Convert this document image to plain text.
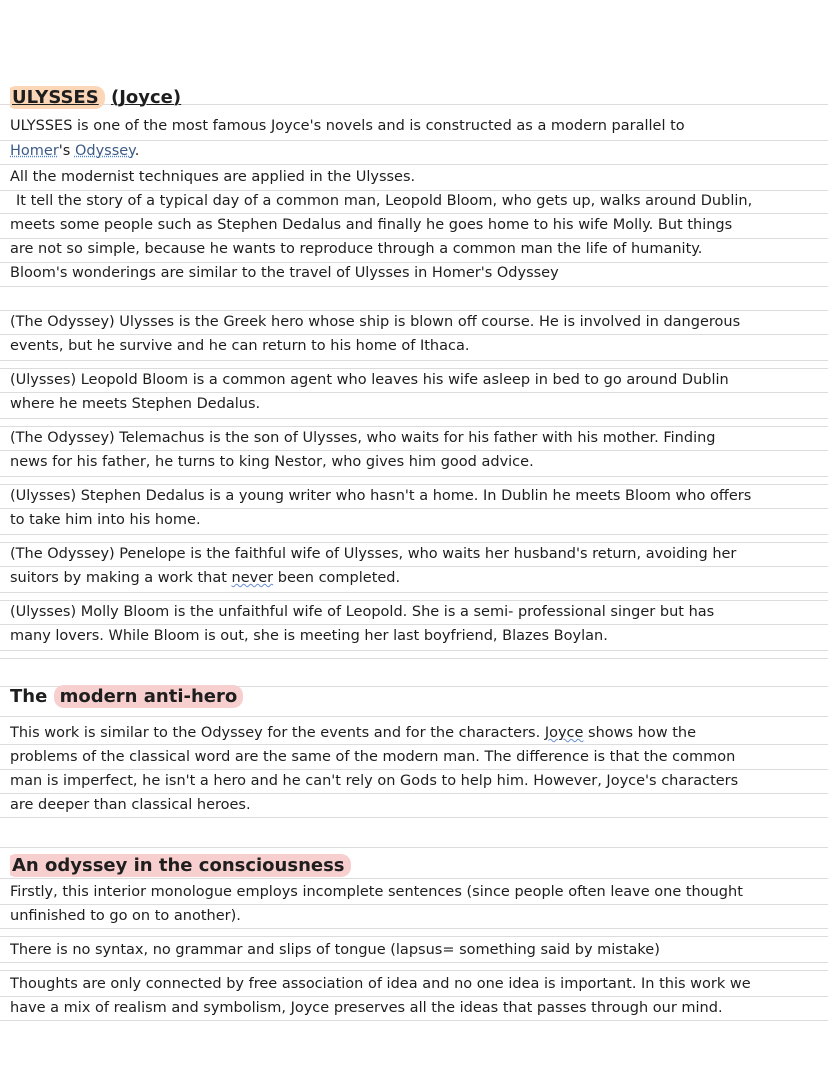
ULYSSES (Joyce)
ULYSSES is one of the most famous Joyce's novels and is constructed as a modern parallel to
Homer's Odyssey.
All the modernist techniques are applied in the Ulysses.
It tell the story of a typical day of a common man, Leopold Bloom, who gets up, walks around Dublin,
meets some people such as Stephen Dedalus and finally he goes home to his wife Molly. But things
are not so simple, because he wants to reproduce through a common man the life of humanity.
Bloom's wonderings are similar to the travel of Ulysses in Homer's Odyssey
(The Odyssey) Ulysses is the Greek hero whose ship is blown off course. He is involved in dangerous
events, but he survive and he can return to his home of Ithaca.
(Ulysses) Leopold Bloom is a common agent who leaves his wife asleep in bed to go around Dublin
where he meets Stephen Dedalus.
(The Odyssey) Telemachus is the son of Ulysses, who waits for his father with his mother. Finding
news for his father, he turns to king Nestor, who gives him good advice.
(Ulysses) Stephen Dedalus is a young writer who hasn't a home. In Dublin he meets Bloom who offers
to take him into his home.
(The Odyssey) Penelope is the faithful wife of Ulysses, who waits her husband's return, avoiding her
suitors by making a work that never been completed.
(Ulysses) Molly Bloom is the unfaithful wife of Leopold. She is a semi- professional singer but has
many lovers. While Bloom is out, she is meeting her last boyfriend, Blazes Boylan.
The modern anti-hero
This work is similar to the Odyssey for the events and for the characters. Joyce shows how the
problems of the classical word are the same of the modern man. The difference is that the common
man is imperfect, he isn't a hero and he can't rely on Gods to help him. However, Joyce's characters
are deeper than classical heroes.
An odyssey in the consciousness
Firstly, this interior monologue employs incomplete sentences (since people often leave one thought
unfinished to go on to another).
There is no syntax, no grammar and slips of tongue (lapsus= something said by mistake)
Thoughts are only connected by free association of idea and no one idea is important. In this work we
have a mix of realism and symbolism, Joyce preserves all the ideas that passes through our mind.
